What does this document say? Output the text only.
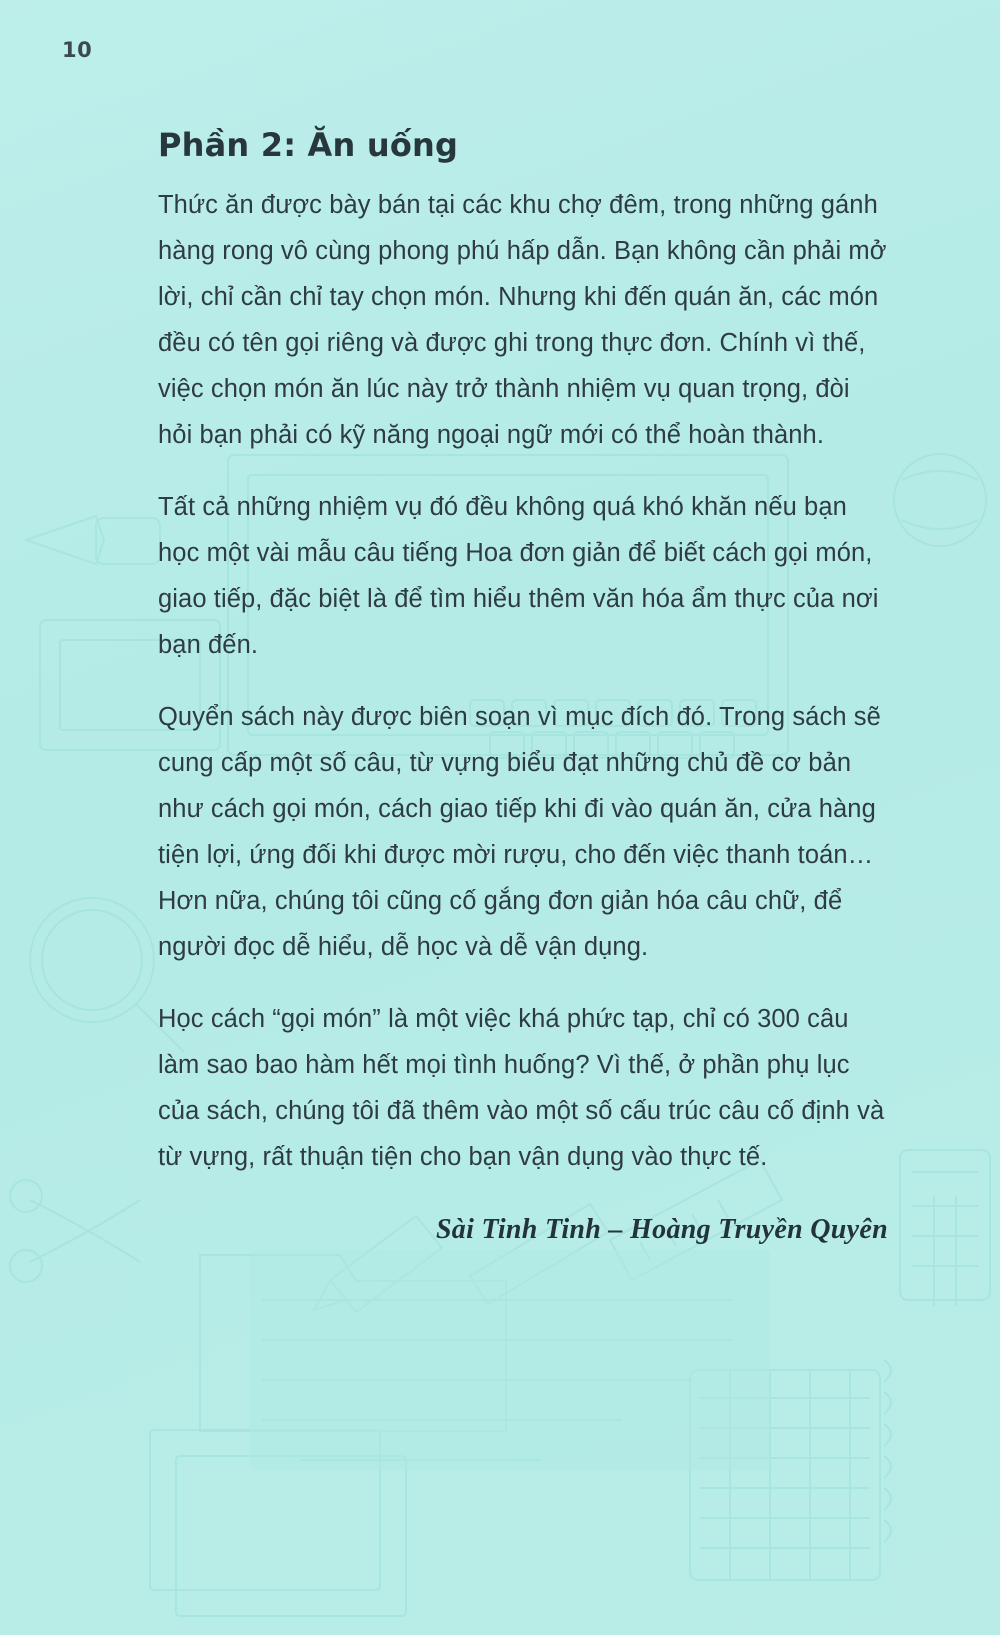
10
Phần 2: Ăn uống

Thức ăn được bày bán tại các khu chợ đêm, trong những gánh hàng rong vô cùng phong phú hấp dẫn. Bạn không cần phải mở lời, chỉ cần chỉ tay chọn món. Nhưng khi đến quán ăn, các món đều có tên gọi riêng và được ghi trong thực đơn. Chính vì thế, việc chọn món ăn lúc này trở thành nhiệm vụ quan trọng, đòi hỏi bạn phải có kỹ năng ngoại ngữ mới có thể hoàn thành.

Tất cả những nhiệm vụ đó đều không quá khó khăn nếu bạn học một vài mẫu câu tiếng Hoa đơn giản để biết cách gọi món, giao tiếp, đặc biệt là để tìm hiểu thêm văn hóa ẩm thực của nơi bạn đến.

Quyển sách này được biên soạn vì mục đích đó. Trong sách sẽ cung cấp một số câu, từ vựng biểu đạt những chủ đề cơ bản như cách gọi món, cách giao tiếp khi đi vào quán ăn, cửa hàng tiện lợi, ứng đối khi được mời rượu, cho đến việc thanh toán… Hơn nữa, chúng tôi cũng cố gắng đơn giản hóa câu chữ, để người đọc dễ hiểu, dễ học và dễ vận dụng.

Học cách “gọi món” là một việc khá phức tạp, chỉ có 300 câu làm sao bao hàm hết mọi tình huống? Vì thế, ở phần phụ lục của sách, chúng tôi đã thêm vào một số cấu trúc câu cố định và từ vựng, rất thuận tiện cho bạn vận dụng vào thực tế.

Sài Tinh Tinh – Hoàng Truyền Quyên
